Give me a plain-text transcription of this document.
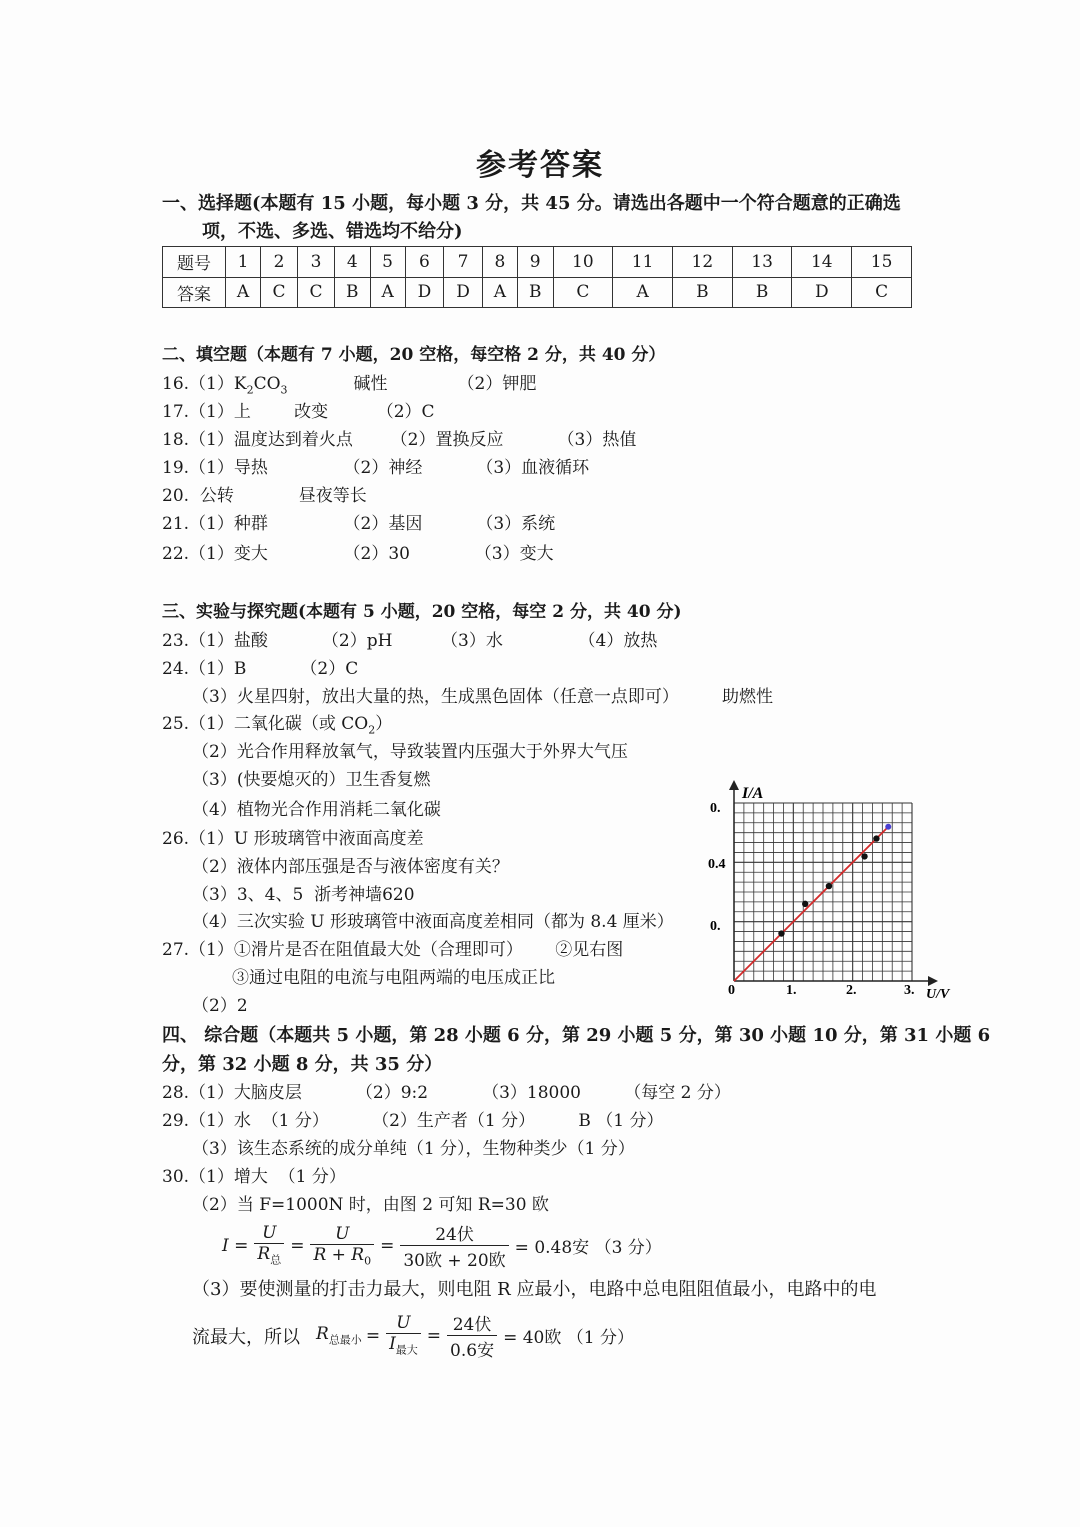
参考答案
一、选择题(本题有 15 小题，每小题 3 分，共 45 分。请选出各题中一个符合题意的正确选
项，不选、多选、错选均不给分)
题号	1	2	3	4	5	6	7	8	9	10	11	12	13	14	15
答案	A	C	C	B	A	D	D	A	B	C	A	B	B	D	C
二、填空题（本题有 7 小题，20 空格，每空格 2 分，共 40 分）
$16.(1)K_2CO_3$	碱性	（2）钾肥
17.（1）上        改变         （2）C
18.（1）温度达到着火点       （2）置换反应          （3）热值
19.（1）导热              （2）神经          （3）血液循环
20.  公转            昼夜等长
21.（1）种群              （2）基因          （3）系统
22.（1）变大              （2）30            （3）变大
三、实验与探究题(本题有 5 小题，20 空格，每空 2 分，共 40 分)
23.（1）盐酸          （2）pH         （3）水              （4）放热
24.（1）B          （2）C
（3）火星四射，放出大量的热，生成黑色固体（任意一点即可）        助燃性
25.（1）二氧化碳（或 $CO_2$）
（2）光合作用释放氧气，导致装置内压强大于外界大气压
（3）(快要熄灭的）卫生香复燃
（4）植物光合作用消耗二氧化碳
26.（1）U 形玻璃管中液面高度差
（2）液体内部压强是否与液体密度有关？
（3）3、4、5  浙考神墙620
（4）三次实验 U 形玻璃管中液面高度差相同（都为 8.4 厘米）
27.（1）①滑片是否在阻值最大处（合理即可）      ②见右图
③通过电阻的电流与电阻两端的电压成正比
（2）2
I/A
U/V
0.
0.4
0.
0	1.	2.	3.
四、 综合题（本题共 5 小题，第 28 小题 6 分，第 29 小题 5 分，第 30 小题 10 分，第 31 小题 6
分，第 32 小题 8 分，共 35 分）
28.（1）大脑皮层          （2）9:2          （3）18000        （每空 2 分）
29.（1）水  （1 分）        （2）生产者（1 分）        B （1 分）
（3）该生态系统的成分单纯（1 分），生物种类少（1 分）
30.（1）增大  （1 分）
（2）当 F=1000N 时，由图 2 可知 R=30 欧
$I = \frac{U}{R_总} = \frac{U}{R + R_0} = \frac{\text{24伏}}{\text{30欧 + 20欧}} = 0.48$安 （3 分）
（3）要使测量的打击力最大，则电阻 R 应最小，电路中总电阻阻值最小，电路中的电
流最大，所以 $R_{总最小} = \frac{U}{I_{最大}} = \frac{\text{24伏}}{\text{0.6安}} = 40$欧 （1 分）
